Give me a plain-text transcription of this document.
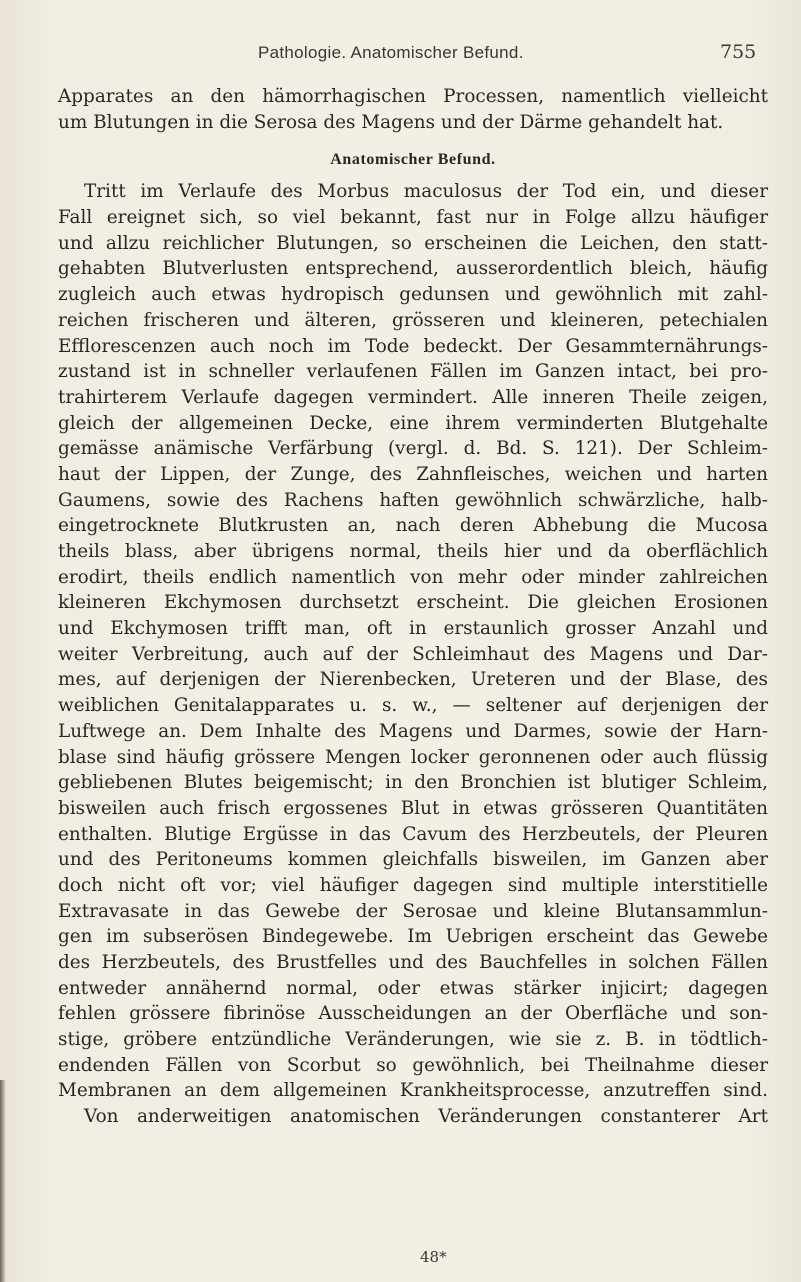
Pathologie. Anatomischer Befund.	755
Apparates an den hämorrhagischen Processen, namentlich vielleicht
um Blutungen in die Serosa des Magens und der Därme gehandelt hat.
Anatomischer Befund.
Tritt im Verlaufe des Morbus maculosus der Tod ein, und dieser
Fall ereignet sich, so viel bekannt, fast nur in Folge allzu häufiger
und allzu reichlicher Blutungen, so erscheinen die Leichen, den statt-
gehabten Blutverlusten entsprechend, ausserordentlich bleich, häufig
zugleich auch etwas hydropisch gedunsen und gewöhnlich mit zahl-
reichen frischeren und älteren, grösseren und kleineren, petechialen
Efflorescenzen auch noch im Tode bedeckt. Der Gesammternährungs-
zustand ist in schneller verlaufenen Fällen im Ganzen intact, bei pro-
trahirterem Verlaufe dagegen vermindert. Alle inneren Theile zeigen,
gleich der allgemeinen Decke, eine ihrem verminderten Blutgehalte
gemässe anämische Verfärbung (vergl. d. Bd. S. 121). Der Schleim-
haut der Lippen, der Zunge, des Zahnfleisches, weichen und harten
Gaumens, sowie des Rachens haften gewöhnlich schwärzliche, halb-
eingetrocknete Blutkrusten an, nach deren Abhebung die Mucosa
theils blass, aber übrigens normal, theils hier und da oberflächlich
erodirt, theils endlich namentlich von mehr oder minder zahlreichen
kleineren Ekchymosen durchsetzt erscheint. Die gleichen Erosionen
und Ekchymosen trifft man, oft in erstaunlich grosser Anzahl und
weiter Verbreitung, auch auf der Schleimhaut des Magens und Dar-
mes, auf derjenigen der Nierenbecken, Ureteren und der Blase, des
weiblichen Genitalapparates u. s. w., — seltener auf derjenigen der
Luftwege an. Dem Inhalte des Magens und Darmes, sowie der Harn-
blase sind häufig grössere Mengen locker geronnenen oder auch flüssig
gebliebenen Blutes beigemischt; in den Bronchien ist blutiger Schleim,
bisweilen auch frisch ergossenes Blut in etwas grösseren Quantitäten
enthalten. Blutige Ergüsse in das Cavum des Herzbeutels, der Pleuren
und des Peritoneums kommen gleichfalls bisweilen, im Ganzen aber
doch nicht oft vor; viel häufiger dagegen sind multiple interstitielle
Extravasate in das Gewebe der Serosae und kleine Blutansammlun-
gen im subserösen Bindegewebe. Im Uebrigen erscheint das Gewebe
des Herzbeutels, des Brustfelles und des Bauchfelles in solchen Fällen
entweder annähernd normal, oder etwas stärker injicirt; dagegen
fehlen grössere fibrinöse Ausscheidungen an der Oberfläche und son-
stige, gröbere entzündliche Veränderungen, wie sie z. B. in tödtlich-
endenden Fällen von Scorbut so gewöhnlich, bei Theilnahme dieser
Membranen an dem allgemeinen Krankheitsprocesse, anzutreffen sind.
Von anderweitigen anatomischen Veränderungen constanterer Art
48*
